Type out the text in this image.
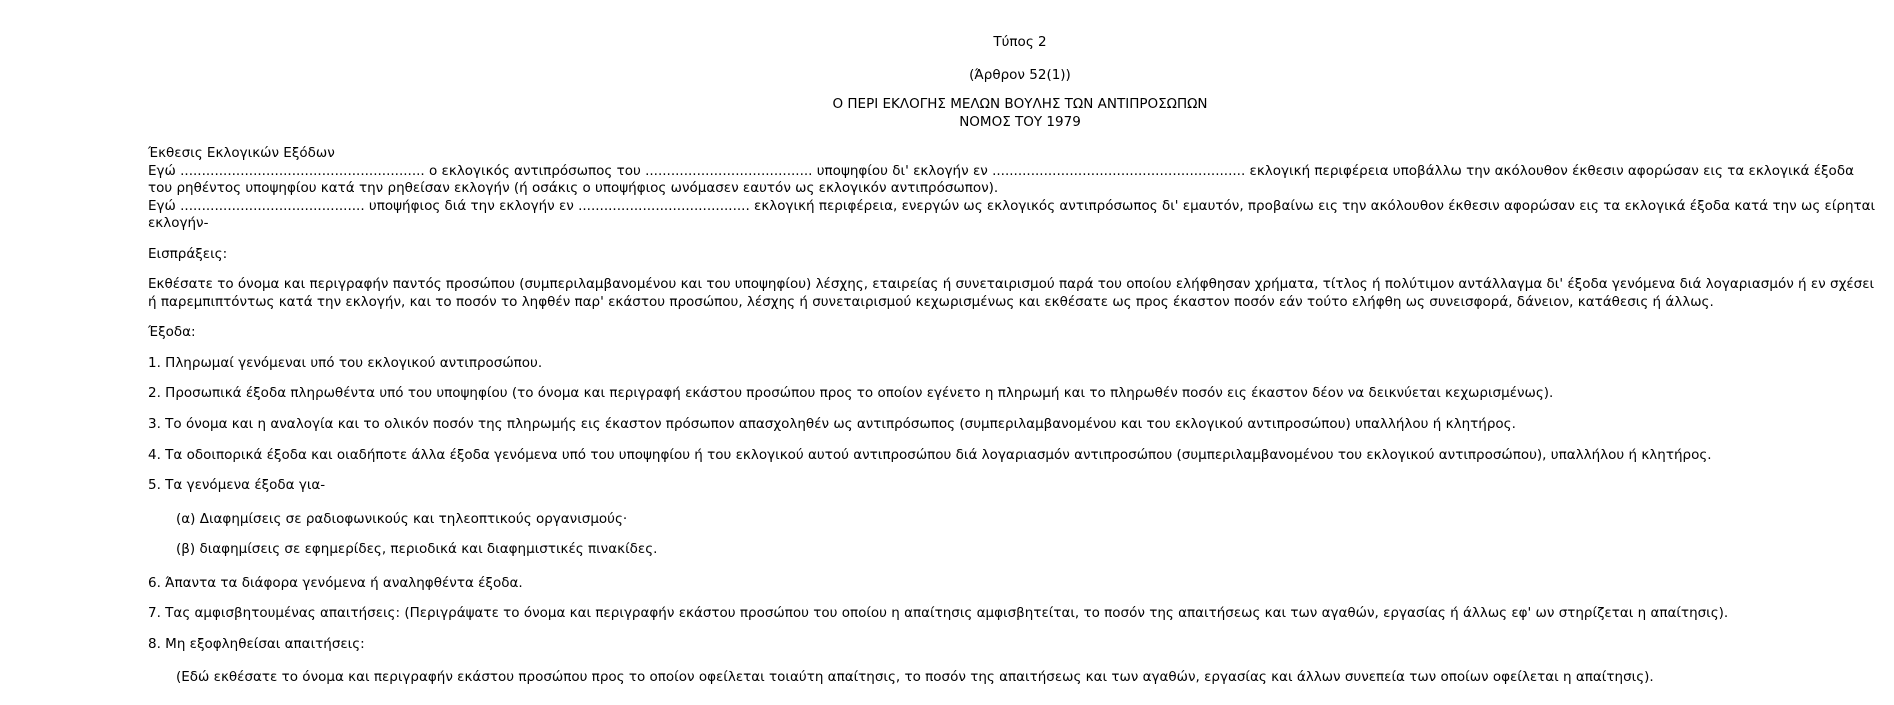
Τύπος 2
(Άρθρον 52(1))
Ο ΠΕΡΙ ΕΚΛΟΓΗΣ ΜΕΛΩΝ ΒΟΥΛΗΣ ΤΩΝ ΑΝΤΙΠΡΟΣΩΠΩΝ
ΝΟΜΟΣ ΤΟΥ 1979
Έκθεσις Εκλογικών Εξόδων
Εγώ ......................................................... ο εκλογικός αντιπρόσωπος του ....................................... υποψηφίου δι' εκλογήν εν ........................................................... εκλογική περιφέρεια υποβάλλω την ακόλουθον έκθεσιν αφορώσαν εις τα εκλογικά έξοδα του ρηθέντος υποψηφίου κατά την ρηθείσαν εκλογήν (ή οσάκις ο υποψήφιος ωνόμασεν εαυτόν ως εκλογικόν αντιπρόσωπον).
Εγώ ........................................... υποψήφιος διά την εκλογήν εν ........................................ εκλογική περιφέρεια, ενεργών ως εκλογικός αντιπρόσωπος δι' εμαυτόν, προβαίνω εις την ακόλουθον έκθεσιν αφορώσαν εις τα εκλογικά έξοδα κατά την ως είρηται εκλογήν-
Εισπράξεις:
Εκθέσατε το όνομα και περιγραφήν παντός προσώπου (συμπεριλαμβανομένου και του υποψηφίου) λέσχης, εταιρείας ή συνεταιρισμού παρά του οποίου ελήφθησαν χρήματα, τίτλος ή πολύτιμον αντάλλαγμα δι' έξοδα γενόμενα διά λογαριασμόν ή εν σχέσει ή παρεμπιπτόντως κατά την εκλογήν, και το ποσόν το ληφθέν παρ' εκάστου προσώπου, λέσχης ή συνεταιρισμού κεχωρισμένως και εκθέσατε ως προς έκαστον ποσόν εάν τούτο ελήφθη ως συνεισφορά, δάνειον, κατάθεσις ή άλλως.
Έξοδα:
1. Πληρωμαί γενόμεναι υπό του εκλογικού αντιπροσώπου.
2. Προσωπικά έξοδα πληρωθέντα υπό του υποψηφίου (το όνομα και περιγραφή εκάστου προσώπου προς το οποίον εγένετο η πληρωμή και το πληρωθέν ποσόν εις έκαστον δέον να δεικνύεται κεχωρισμένως).
3. Το όνομα και η αναλογία και το ολικόν ποσόν της πληρωμής εις έκαστον πρόσωπον απασχοληθέν ως αντιπρόσωπος (συμπεριλαμβανομένου και του εκλογικού αντιπροσώπου) υπαλλήλου ή κλητήρος.
4. Τα οδοιπορικά έξοδα και οιαδήποτε άλλα έξοδα γενόμενα υπό του υποψηφίου ή του εκλογικού αυτού αντιπροσώπου διά λογαριασμόν αντιπροσώπου (συμπεριλαμβανομένου του εκλογικού αντιπροσώπου), υπαλλήλου ή κλητήρος.
5. Τα γενόμενα έξοδα για-
(α) Διαφημίσεις σε ραδιοφωνικούς και τηλεοπτικούς οργανισμούς·
(β) διαφημίσεις σε εφημερίδες, περιοδικά και διαφημιστικές πινακίδες.
6. Άπαντα τα διάφορα γενόμενα ή αναληφθέντα έξοδα.
7. Τας αμφισβητουμένας απαιτήσεις: (Περιγράψατε το όνομα και περιγραφήν εκάστου προσώπου του οποίου η απαίτησις αμφισβητείται, το ποσόν της απαιτήσεως και των αγαθών, εργασίας ή άλλως εφ' ων στηρίζεται η απαίτησις).
8. Μη εξοφληθείσαι απαιτήσεις:
(Εδώ εκθέσατε το όνομα και περιγραφήν εκάστου προσώπου προς το οποίον οφείλεται τοιαύτη απαίτησις, το ποσόν της απαιτήσεως και των αγαθών, εργασίας και άλλων συνεπεία των οποίων οφείλεται η απαίτησις).
